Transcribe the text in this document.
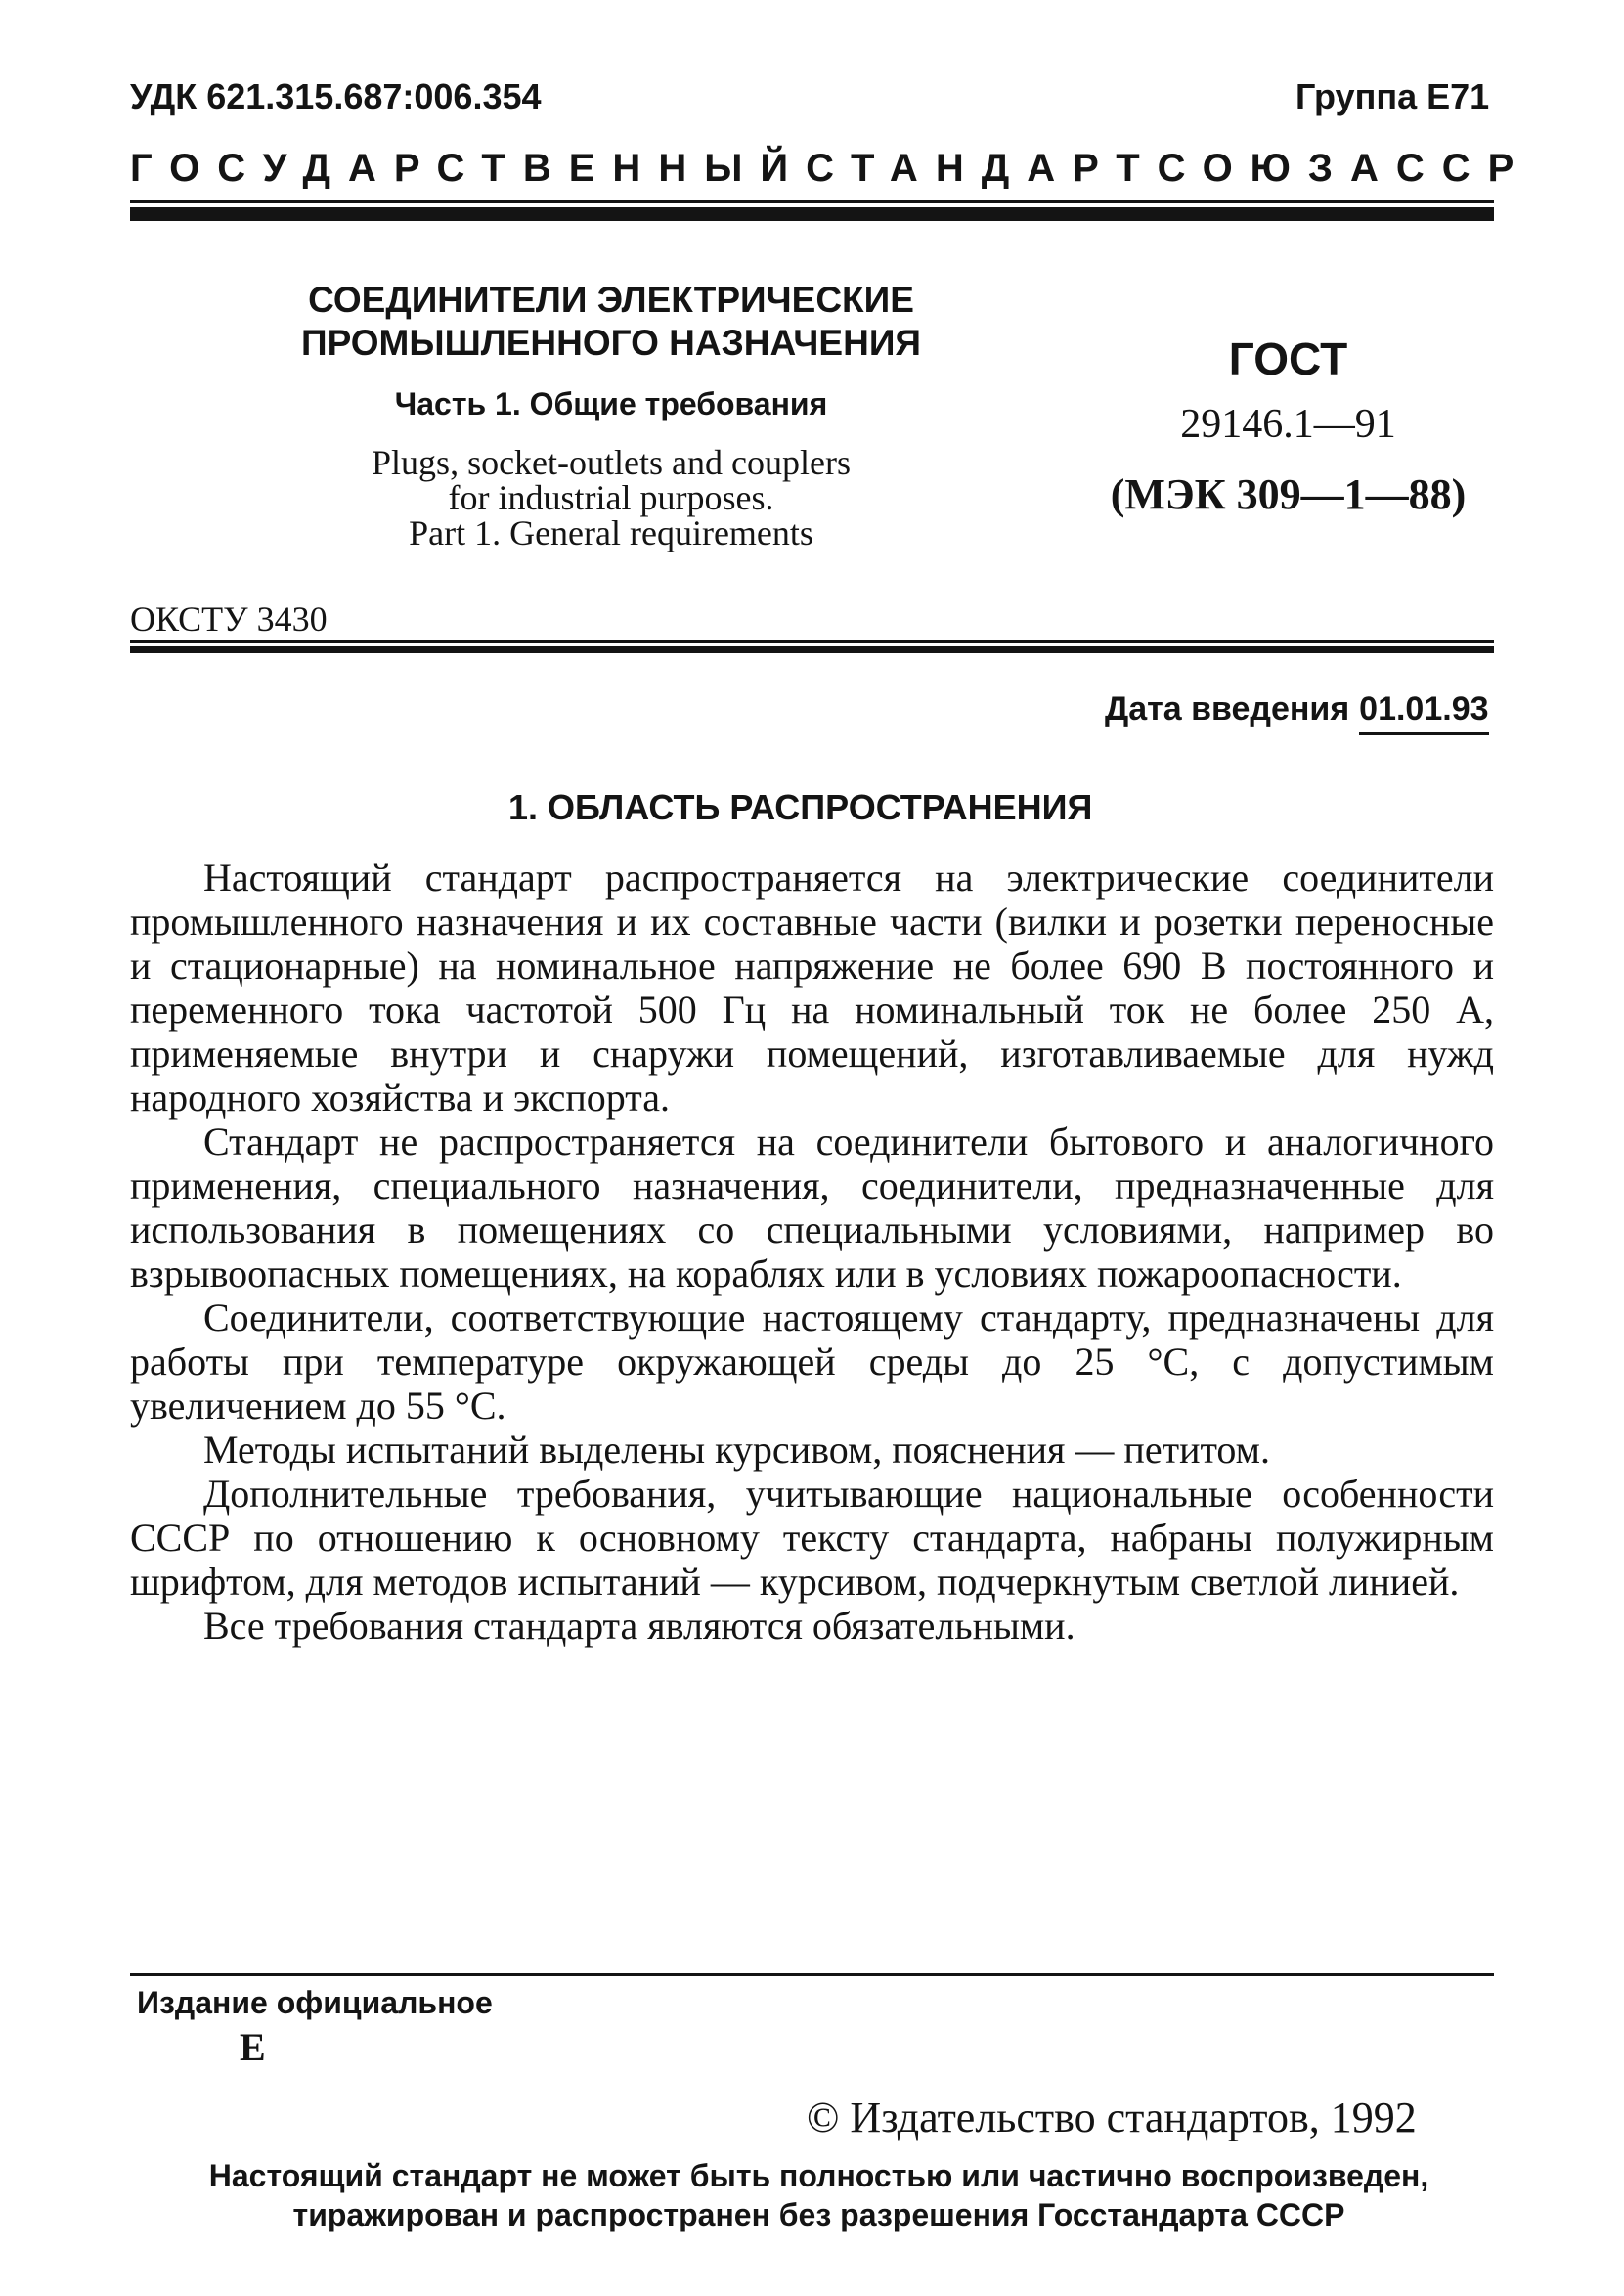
УДК 621.315.687:006.354	Группа Е71
ГОСУДАРСТВЕННЫЙ СТАНДАРТ СОЮЗА ССР
СОЕДИНИТЕЛИ ЭЛЕКТРИЧЕСКИЕ
ПРОМЫШЛЕННОГО НАЗНАЧЕНИЯ
Часть 1. Общие требования
Plugs, socket-outlets and couplers
for industrial purposes.
Part 1. General requirements
ГОСТ
29146.1—91
(МЭК 309—1—88)
ОКСТУ 3430
Дата введения 01.01.93
1. ОБЛАСТЬ РАСПРОСТРАНЕНИЯ

Настоящий стандарт распространяется на электрические соединители промышленного назначения и их составные части (вилки и розетки переносные и стационарные) на номинальное напряжение не более 690 В постоянного и переменного тока частотой 500 Гц на номинальный ток не более 250 А, применяемые внутри и снаружи помещений, изготавливаемые для нужд народного хозяйства и экспорта.

Стандарт не распространяется на соединители бытового и аналогичного применения, специального назначения, соединители, предназначенные для использования в помещениях со специальными условиями, например во взрывоопасных помещениях, на кораблях или в условиях пожароопасности.

Соединители, соответствующие настоящему стандарту, предназначены для работы при температуре окружающей среды до 25 °С, с допустимым увеличением до 55 °С.

Методы испытаний выделены курсивом, пояснения — петитом.

Дополнительные требования, учитывающие национальные особенности СССР по отношению к основному тексту стандарта, набраны полужирным шрифтом, для методов испытаний — курсивом, подчеркнутым светлой линией.

Все требования стандарта являются обязательными.

Издание официальное
Е
© Издательство стандартов, 1992
Настоящий стандарт не может быть полностью или частично воспроизведен,
тиражирован и распространен без разрешения Госстандарта СССР
